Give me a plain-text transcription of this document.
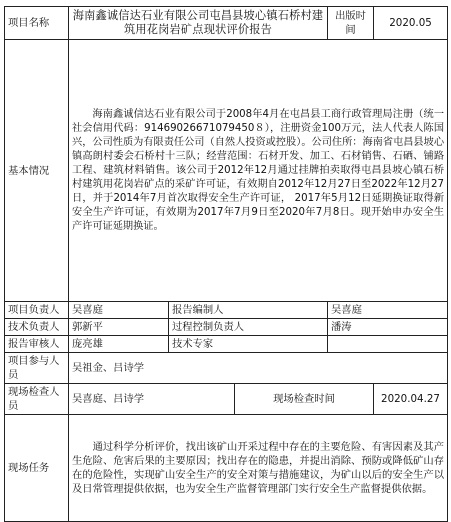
项目名称	海南鑫诚信达石业有限公司屯昌县坡心镇石桥村建筑用花岗岩矿点现状评价报告			出版时间	2020.05
基本情况	海南鑫诚信达石业有限公司于2008年4月在屯昌县工商行政管理局注册（统一社会信用代码：91469026671079450８），注册资金100万元，法人代表人陈国兴，公司性质为有限责任公司（自然人投资或控股）。公司住所：海南省屯昌县坡心镇高朗村委会石桥村十三队；经营范围：石材开发、加工、石材销售、石硒、铺路工程、建筑材料销售。该公司于2012年12月通过挂牌拍卖取得屯昌县坡心镇石桥村建筑用花岗岩矿点的采矿许可证，有效期自2012年12月27日至2022年12月27日，并于2014年7月首次取得安全生产许可证， 2017年5月12日延期换证取得新安全生产许可证，有效期为2017年7月9日至2020年7月8日。现开始申办安全生产许可证延期换证。				

项目负责人	吴喜庭	报告编制人		吴喜庭	
技术负责人	郭新平	过程控制负责人		潘涛	
报告审核人	庞亮雄	技术专家			
项目参与人员	吴祖金、吕诗学				
现场检查人员	吴喜庭、吕诗学		现场检查时间		2020.04.27
现场任务	通过科学分析评价，找出该矿山开采过程中存在的主要危险、有害因素及其产生危险、危害后果的主要原因；找出存在的隐患，并提出消除、预防或降低矿山存在的危险性，实现矿山安全生产的安全对策与措施建议，为矿山以后的安全生产以及日常管理提供依据，也为安全生产监督管理部门实行安全生产监督提供依据。				
